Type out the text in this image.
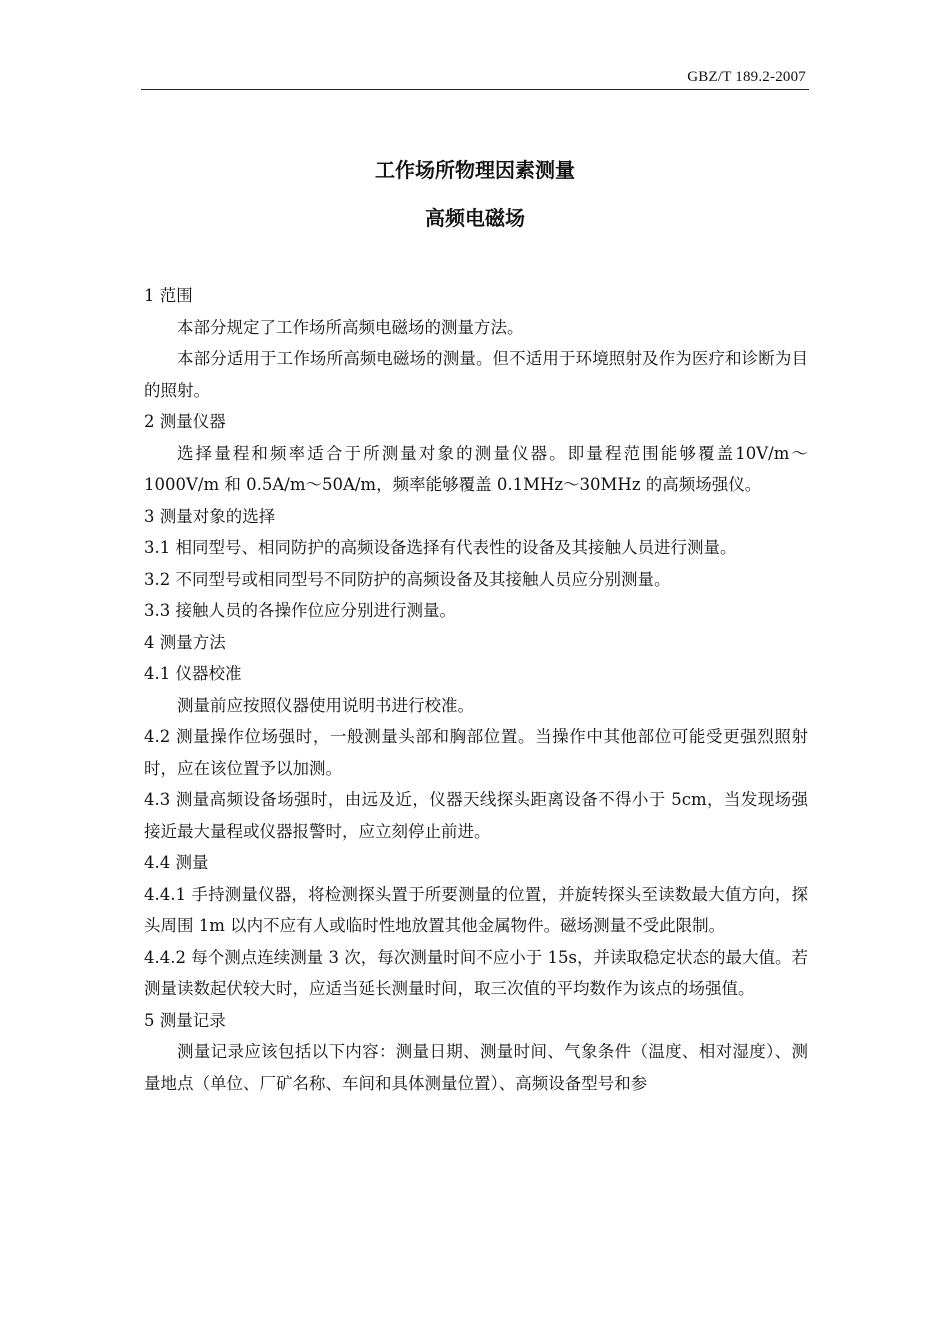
GBZ/T 189.2-2007
工作场所物理因素测量
高频电磁场

1 范围

本部分规定了工作场所高频电磁场的测量方法。

本部分适用于工作场所高频电磁场的测量。但不适用于环境照射及作为医疗和诊断为目的照射。

2 测量仪器

选择量程和频率适合于所测量对象的测量仪器。即量程范围能够覆盖10V/m～1000V/m 和 0.5A/m～50A/m，频率能够覆盖 0.1MHz～30MHz 的高频场强仪。

3 测量对象的选择

3.1 相同型号、相同防护的高频设备选择有代表性的设备及其接触人员进行测量。

3.2 不同型号或相同型号不同防护的高频设备及其接触人员应分别测量。

3.3 接触人员的各操作位应分别进行测量。

4 测量方法

4.1 仪器校准

测量前应按照仪器使用说明书进行校准。

4.2 测量操作位场强时，一般测量头部和胸部位置。当操作中其他部位可能受更强烈照射时，应在该位置予以加测。

4.3 测量高频设备场强时，由远及近，仪器天线探头距离设备不得小于 5cm，当发现场强接近最大量程或仪器报警时，应立刻停止前进。

4.4 测量

4.4.1 手持测量仪器，将检测探头置于所要测量的位置，并旋转探头至读数最大值方向，探头周围 1m 以内不应有人或临时性地放置其他金属物件。磁场测量不受此限制。

4.4.2 每个测点连续测量 3 次，每次测量时间不应小于 15s，并读取稳定状态的最大值。若测量读数起伏较大时，应适当延长测量时间，取三次值的平均数作为该点的场强值。

5 测量记录

测量记录应该包括以下内容：测量日期、测量时间、气象条件（温度、相对湿度）、测量地点（单位、厂矿名称、车间和具体测量位置）、高频设备型号和参
